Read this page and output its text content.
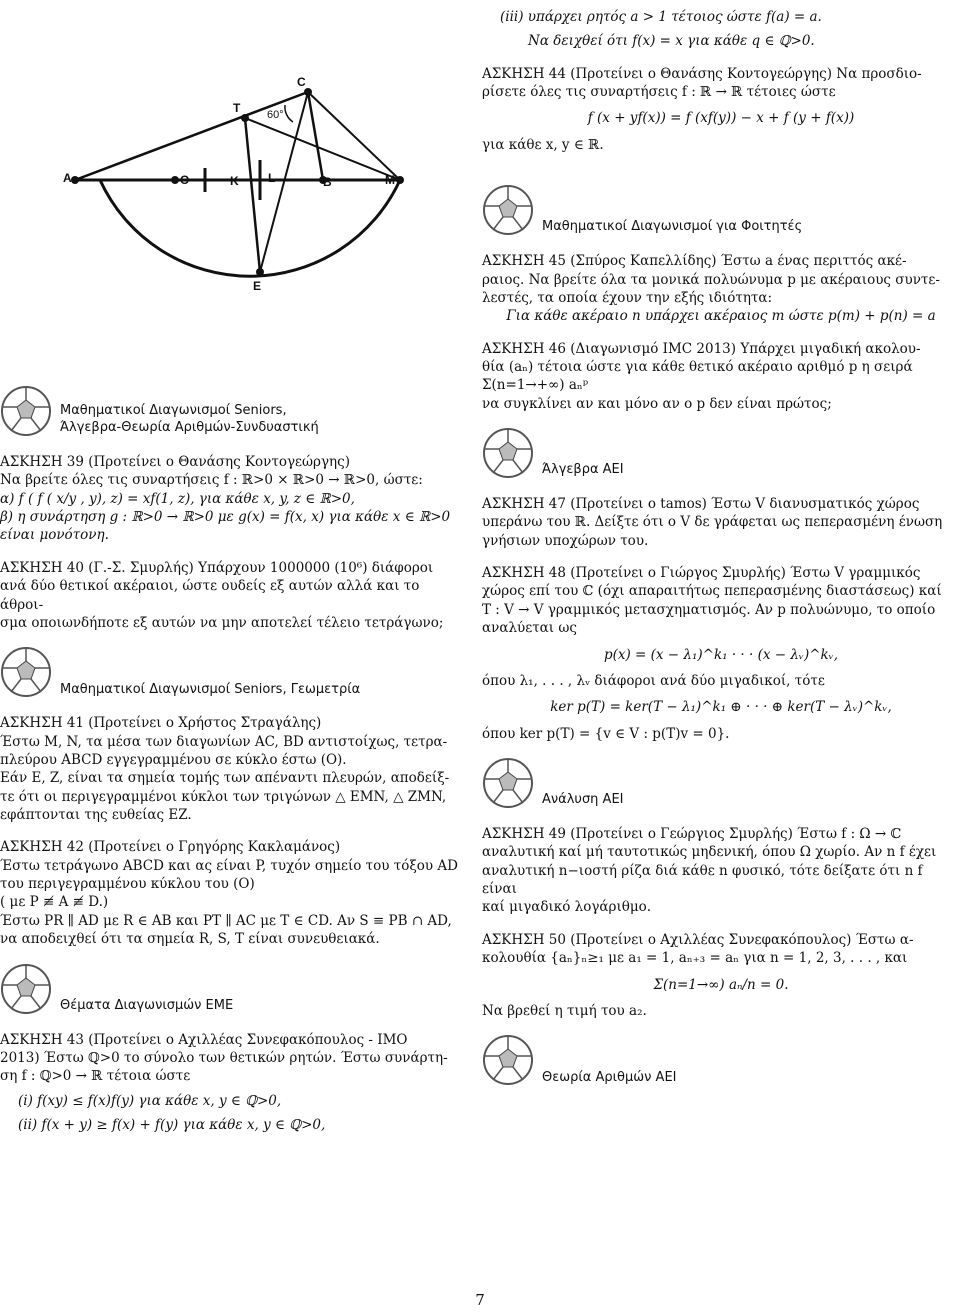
A	O	K L	B	M
T
C
E
60°
Μαθηματικοί Διαγωνισμοί Seniors,
Άλγεβρα-Θεωρία Αριθμών-Συνδυαστική

ΑΣΚΗΣΗ 39 (Προτείνει ο Θανάσης Κοντογεώργης)

Να βρείτε όλες τις συναρτήσεις f : ℝ>0 × ℝ>0 → ℝ>0, ώστε:

α) f ( f ( x/y , y), z) = xf(1, z), για κάθε x, y, z ∈ ℝ>0,

β) η συνάρτηση g : ℝ>0 → ℝ>0 με g(x) = f(x, x) για κάθε x ∈ ℝ>0

είναι μονότονη.

ΑΣΚΗΣΗ 40 (Γ.-Σ. Σμυρλής) Υπάρχουν 1000000 (10⁶) διάφοροι

ανά δύο θετικοί ακέραιοι, ώστε ουδείς εξ αυτών αλλά και το άθροι-

σμα οποιωνδήποτε εξ αυτών να μην αποτελεί τέλειο τετράγωνο;

Μαθηματικοί Διαγωνισμοί Seniors, Γεωμετρία

ΑΣΚΗΣΗ 41 (Προτείνει ο Χρήστος Στραγάλης)

Έστω M, N, τα μέσα των διαγωνίων AC, BD αντιστοίχως, τετρα-

πλεύρου ABCD εγγεγραμμένου σε κύκλο έστω (O).

Εάν E, Z, είναι τα σημεία τομής των απέναντι πλευρών, αποδείξ-

τε ότι οι περιγεγραμμένοι κύκλοι των τριγώνων △ EMN, △ ZMN,

εφάπτονται της ευθείας EZ.

ΑΣΚΗΣΗ 42 (Προτείνει ο Γρηγόρης Κακλαμάνος)

Έστω τετράγωνο ABCD και ας είναι P, τυχόν σημείο του τόξου AD

του περιγεγραμμένου κύκλου του (O)

( με P ≢ A ≢ D.)

Έστω PR ∥ AD με R ∈ AB και PT ∥ AC με T ∈ CD. Αν S ≡ PB ∩ AD,

να αποδειχθεί ότι τα σημεία R, S, T είναι συνευθειακά.

Θέματα Διαγωνισμών ΕΜΕ

ΑΣΚΗΣΗ 43 (Προτείνει ο Αχιλλέας Συνεφακόπουλος - IMO

2013) Έστω ℚ>0 το σύνολο των θετικών ρητών. Έστω συνάρτη-

ση f : ℚ>0 → ℝ τέτοια ώστε

(i) f(xy) ≤ f(x)f(y) για κάθε x, y ∈ ℚ>0,

(ii) f(x + y) ≥ f(x) + f(y) για κάθε x, y ∈ ℚ>0,

(iii) υπάρχει ρητός a > 1 τέτοιος ώστε f(a) = a.

Να δειχθεί ότι f(x) = x για κάθε q ∈ ℚ>0.

ΑΣΚΗΣΗ 44 (Προτείνει ο Θανάσης Κοντογεώργης) Να προσδιο-

ρίσετε όλες τις συναρτήσεις f : ℝ → ℝ τέτοιες ώστε

f (x + yf(x)) = f (xf(y)) − x + f (y + f(x))

για κάθε x, y ∈ ℝ.

Μαθηματικοί Διαγωνισμοί για Φοιτητές

ΑΣΚΗΣΗ 45 (Σπύρος Καπελλίδης) Έστω a ένας περιττός ακέ-

ραιος. Να βρείτε όλα τα μονικά πολυώνυμα p με ακέραιους συντε-

λεστές, τα οποία έχουν την εξής ιδιότητα:

Για κάθε ακέραιο n υπάρχει ακέραιος m ώστε p(m) + p(n) = a

ΑΣΚΗΣΗ 46 (Διαγωνισμό IMC 2013) Υπάρχει μιγαδική ακολου-

θία (aₙ) τέτοια ώστε για κάθε θετικό ακέραιο αριθμό p η σειρά Σ(n=1→+∞) aₙᵖ

να συγκλίνει αν και μόνο αν ο p δεν είναι πρώτος;

Άλγεβρα ΑΕΙ

ΑΣΚΗΣΗ 47 (Προτείνει ο tamos) Έστω V διανυσματικός χώρος

υπεράνω του ℝ. Δείξτε ότι ο V δε γράφεται ως πεπερασμένη ένωση

γνήσιων υποχώρων του.

ΑΣΚΗΣΗ 48 (Προτείνει ο Γιώργος Σμυρλής) Έστω V γραμμικός

χώρος επί του ℂ (όχι απαραιτήτως πεπερασμένης διαστάσεως) καί

T : V → V γραμμικός μετασχηματισμός. Αν p πολυώνυμο, το οποίο

αναλύεται ως

p(x) = (x − λ₁)^k₁ · · · (x − λᵥ)^kᵥ,

όπου λ₁, . . . , λᵥ διάφοροι ανά δύο μιγαδικοί, τότε

ker p(T) = ker(T − λ₁)^k₁ ⊕ · · · ⊕ ker(T − λᵥ)^kᵥ,

όπου ker p(T) = {v ∈ V : p(T)v = 0}.

Ανάλυση ΑΕΙ

ΑΣΚΗΣΗ 49 (Προτείνει ο Γεώργιος Σμυρλής) Έστω f : Ω → ℂ

αναλυτική καί μή ταυτοτικώς μηδενική, όπου Ω χωρίο. Αν n f έχει

αναλυτική n−ιοστή ρίζα διά κάθε n φυσικό, τότε δείξατε ότι n f είναι

καί μιγαδικό λογάριθμο.

ΑΣΚΗΣΗ 50 (Προτείνει ο Αχιλλέας Συνεφακόπουλος) Έστω α-

κολουθία {aₙ}ₙ≥₁ με a₁ = 1, aₙ₊₃ = aₙ για n = 1, 2, 3, . . . , και

Σ(n=1→∞) aₙ/n = 0.

Να βρεθεί η τιμή του a₂.

Θεωρία Αριθμών ΑΕΙ
7
